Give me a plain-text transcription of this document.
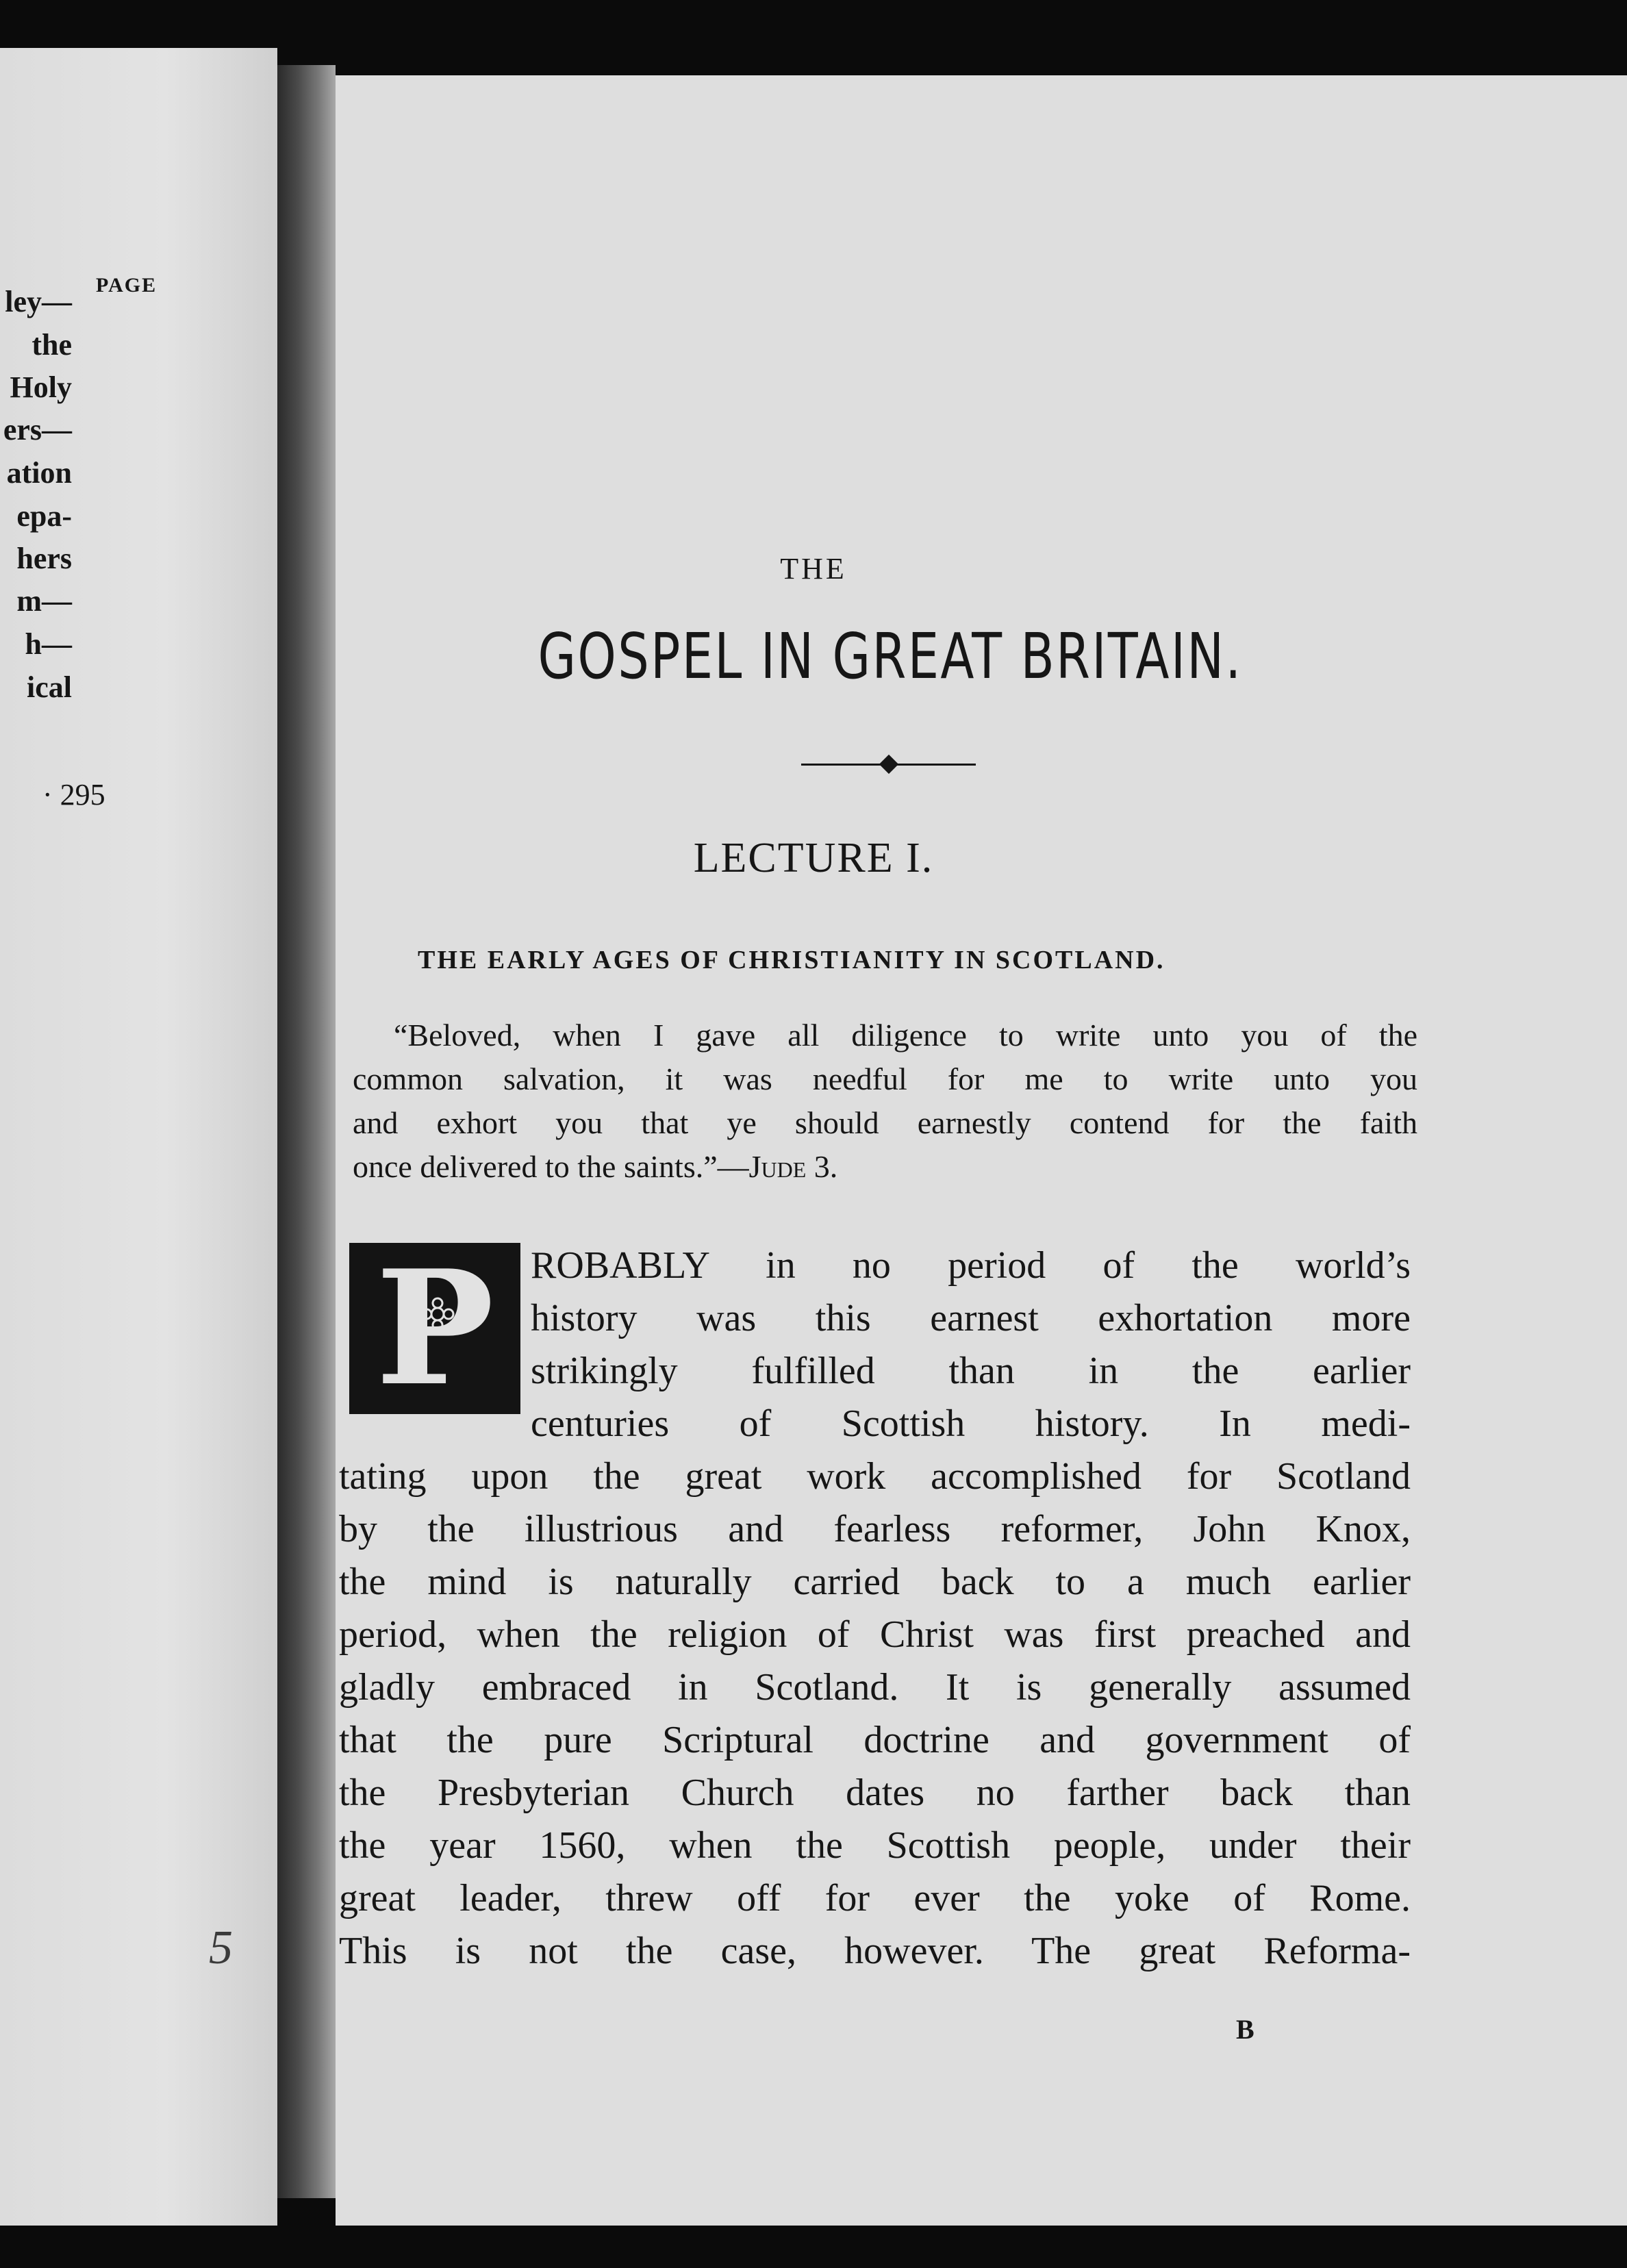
PAGE
ley—
the
Holy
ers—
ation
epa-
hers
m—
h—
ical
· 295
5
THE
GOSPEL IN GREAT BRITAIN.
LECTURE I.
THE EARLY AGES OF CHRISTIANITY IN SCOTLAND.
“Beloved, when I gave all diligence to write unto you of the
common salvation, it was needful for me to write unto you
and exhort you that ye should earnestly contend for the faith
once delivered to the saints.”—Jude 3.
P ROBABLY in no period of the world’s
history was this earnest exhortation more
strikingly fulfilled than in the earlier
centuries of Scottish history. In medi-
tating upon the great work accomplished for Scotland
by the illustrious and fearless reformer, John Knox,
the mind is naturally carried back to a much earlier
period, when the religion of Christ was first preached and
gladly embraced in Scotland. It is generally assumed
that the pure Scriptural doctrine and government of
the Presbyterian Church dates no farther back than
the year 1560, when the Scottish people, under their
great leader, threw off for ever the yoke of Rome.
This is not the case, however. The great Reforma-
B
